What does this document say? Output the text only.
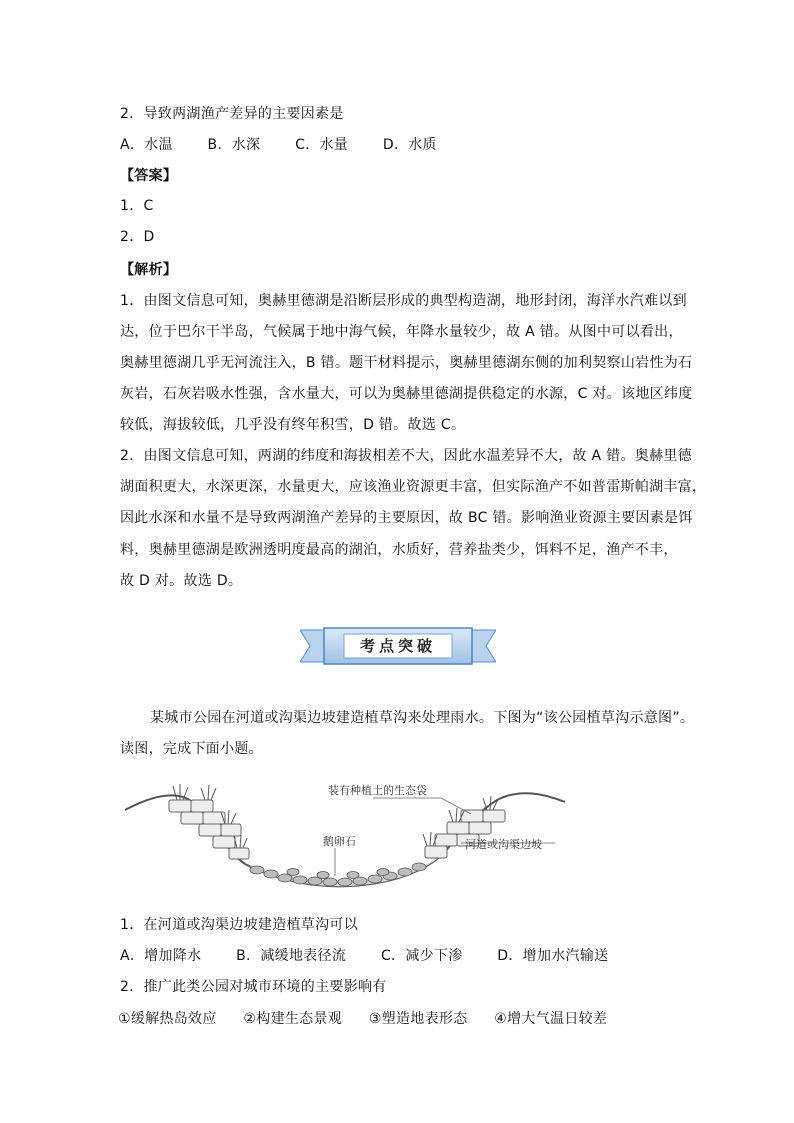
2．导致两湖渔产差异的主要因素是
A．水温 B．水深 C．水量 D．水质
【答案】
1．C
2．D
【解析】
1．由图文信息可知，奥赫里德湖是沿断层形成的典型构造湖，地形封闭，海洋水汽难以到
达，位于巴尔干半岛，气候属于地中海气候，年降水量较少，故 A 错。从图中可以看出，
奥赫里德湖几乎无河流注入，B 错。题干材料提示，奥赫里德湖东侧的加利契察山岩性为石
灰岩，石灰岩吸水性强，含水量大，可以为奥赫里德湖提供稳定的水源，C 对。该地区纬度
较低，海拔较低，几乎没有终年积雪，D 错。故选 C。
2．由图文信息可知，两湖的纬度和海拔相差不大，因此水温差异不大，故 A 错。奥赫里德
湖面积更大，水深更深，水量更大，应该渔业资源更丰富，但实际渔产不如普雷斯帕湖丰富，
因此水深和水量不是导致两湖渔产差异的主要原因，故 BC 错。影响渔业资源主要因素是饵
料，奥赫里德湖是欧洲透明度最高的湖泊，水质好，营养盐类少，饵料不足，渔产不丰，
故 D 对。故选 D。
考点突破
某城市公园在河道或沟渠边坡建造植草沟来处理雨水。下图为“该公园植草沟示意图”。
读图，完成下面小题。
装有种植土的生态袋
鹅卵石	河道或沟渠边坡
1．在河道或沟渠边坡建造植草沟可以
A．增加降水 B．减缓地表径流 C．减少下渗 D．增加水汽输送
2．推广此类公园对城市环境的主要影响有
①缓解热岛效应 ②构建生态景观 ③塑造地表形态 ④增大气温日较差
